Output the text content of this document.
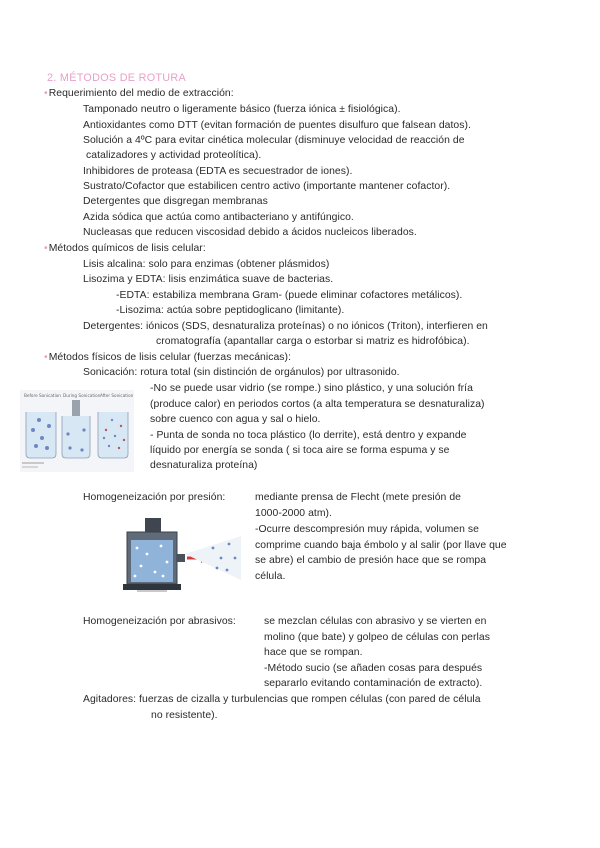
2. MÉTODOS DE ROTURA
•Requerimiento del medio de extracción:
Tamponado neutro o ligeramente básico (fuerza iónica ± fisiológica).
Antioxidantes como DTT (evitan formación de puentes disulfuro que falsean datos).
Solución a 4ºC para evitar cinética molecular (disminuye velocidad de reacción de
catalizadores y actividad proteolítica).
Inhibidores de proteasa (EDTA es secuestrador de iones).
Sustrato/Cofactor que estabilicen centro activo (importante mantener cofactor).
Detergentes que disgregan membranas
Azida sódica que actúa como antibacteriano y antifúngico.
Nucleasas que reducen viscosidad debido a ácidos nucleicos liberados.
•Métodos químicos de lisis celular:
Lisis alcalina: solo para enzimas (obtener plásmidos)
Lisozima y EDTA: lisis enzimática suave de bacterias.
-EDTA: estabiliza membrana Gram- (puede eliminar cofactores metálicos).
-Lisozima: actúa sobre peptidoglicano (limitante).
Detergentes: iónicos (SDS, desnaturaliza proteínas) o no iónicos (Triton), interfieren en
cromatografía (apantallar carga o estorbar si matriz es hidrofóbica).
•Métodos físicos de lisis celular (fuerzas mecánicas):
Sonicación: rotura total (sin distinción de orgánulos) por ultrasonido.
-No se puede usar vidrio (se rompe.) sino plástico, y una solución fría
(produce calor) en periodos cortos (a alta temperatura se desnaturaliza)
sobre cuenco con agua y sal o hielo.
- Punta de sonda no toca plástico (lo derrite), está dentro y expande
líquido por energía se sonda ( si toca aire se forma espuma y se
desnaturaliza proteína)
Before Sonication During Sonication After Sonication
Homogeneización por presión:	mediante prensa de Flecht (mete presión de
1000-2000 atm).
-Ocurre descompresión muy rápida, volumen se
comprime cuando baja émbolo y al salir (por llave que
se abre) el cambio de presión hace que se rompa
célula.
Homogeneización por abrasivos:	se mezclan células con abrasivo y se vierten en
molino (que bate) y golpeo de células con perlas
hace que se rompan.
-Método sucio (se añaden cosas para después
separarlo evitando contaminación de extracto).
Agitadores: fuerzas de cizalla y turbulencias que rompen células (con pared de célula
no resistente).
